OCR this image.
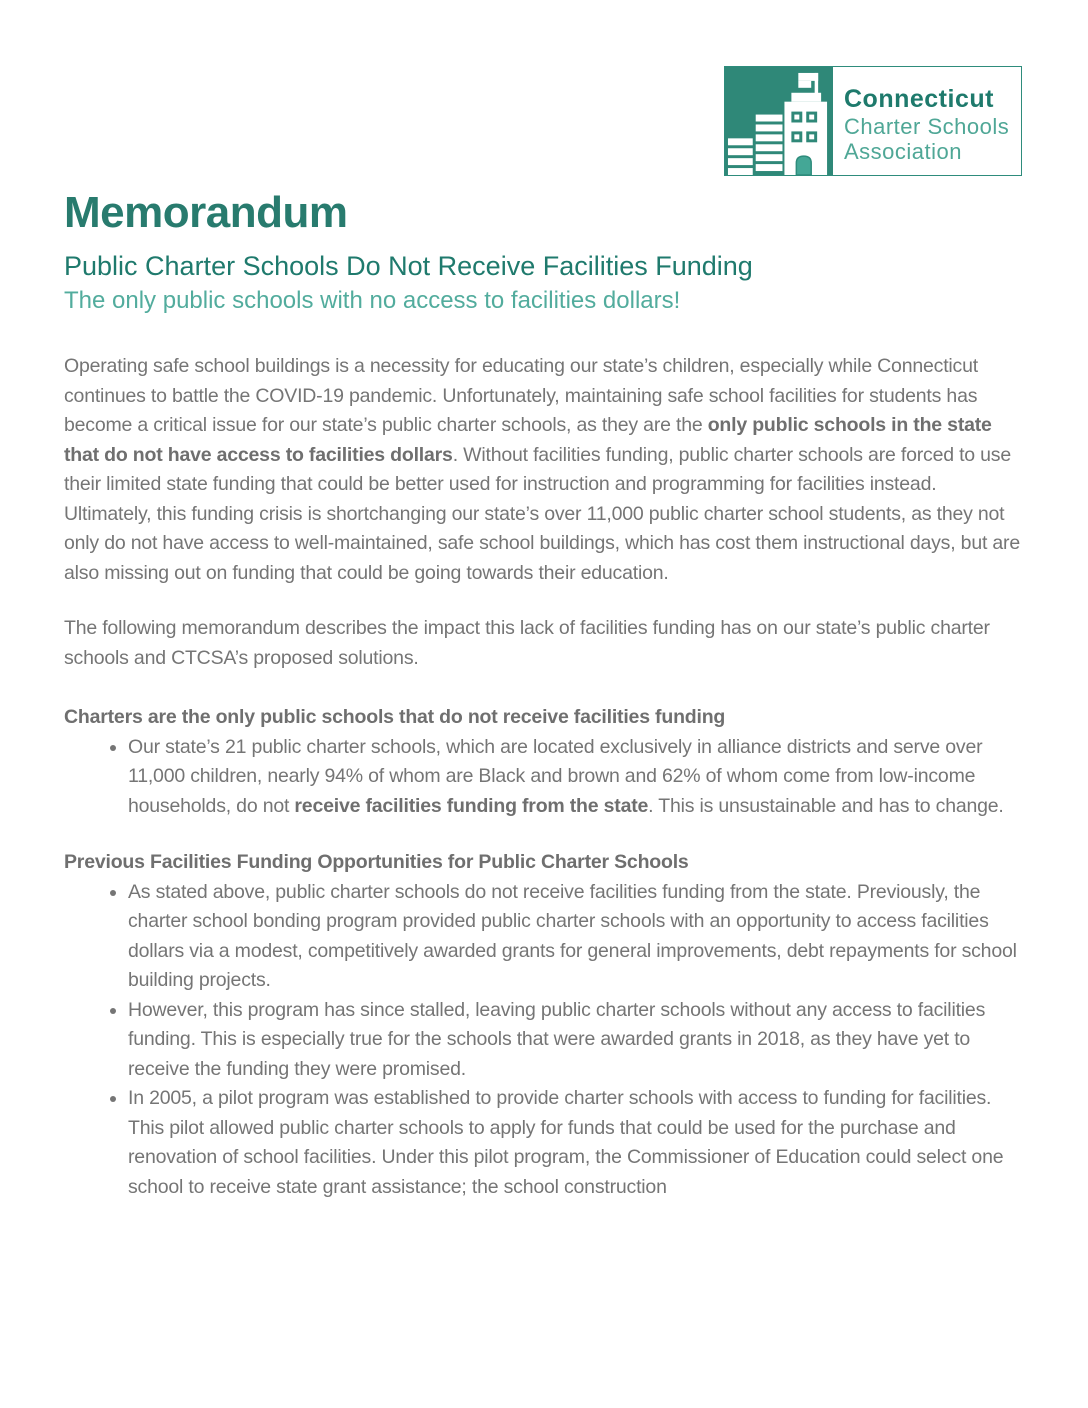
Connecticut
Charter Schools
Association
Memorandum
Public Charter Schools Do Not Receive Facilities Funding
The only public schools with no access to facilities dollars!

Operating safe school buildings is a necessity for educating our state’s children, especially while Connecticut continues to battle the COVID-19 pandemic. Unfortunately, maintaining safe school facilities for students has become a critical issue for our state’s public charter schools, as they are the only public schools in the state that do not have access to facilities dollars. Without facilities funding, public charter schools are forced to use their limited state funding that could be better used for instruction and programming for facilities instead. Ultimately, this funding crisis is shortchanging our state’s over 11,000 public charter school students, as they not only do not have access to well-maintained, safe school buildings, which has cost them instructional days, but are also missing out on funding that could be going towards their education.

The following memorandum describes the impact this lack of facilities funding has on our state’s public charter schools and CTCSA’s proposed solutions.

Charters are the only public schools that do not receive facilities funding
• Our state’s 21 public charter schools, which are located exclusively in alliance districts and serve over 11,000 children, nearly 94% of whom are Black and brown and 62% of whom come from low-income households, do not receive facilities funding from the state. This is unsustainable and has to change.
Previous Facilities Funding Opportunities for Public Charter Schools
• As stated above, public charter schools do not receive facilities funding from the state. Previously, the charter school bonding program provided public charter schools with an opportunity to access facilities dollars via a modest, competitively awarded grants for general improvements, debt repayments for school building projects.
• However, this program has since stalled, leaving public charter schools without any access to facilities funding. This is especially true for the schools that were awarded grants in 2018, as they have yet to receive the funding they were promised.
• In 2005, a pilot program was established to provide charter schools with access to funding for facilities. This pilot allowed public charter schools to apply for funds that could be used for the purchase and renovation of school facilities. Under this pilot program, the Commissioner of Education could select one school to receive state grant assistance; the school construction
